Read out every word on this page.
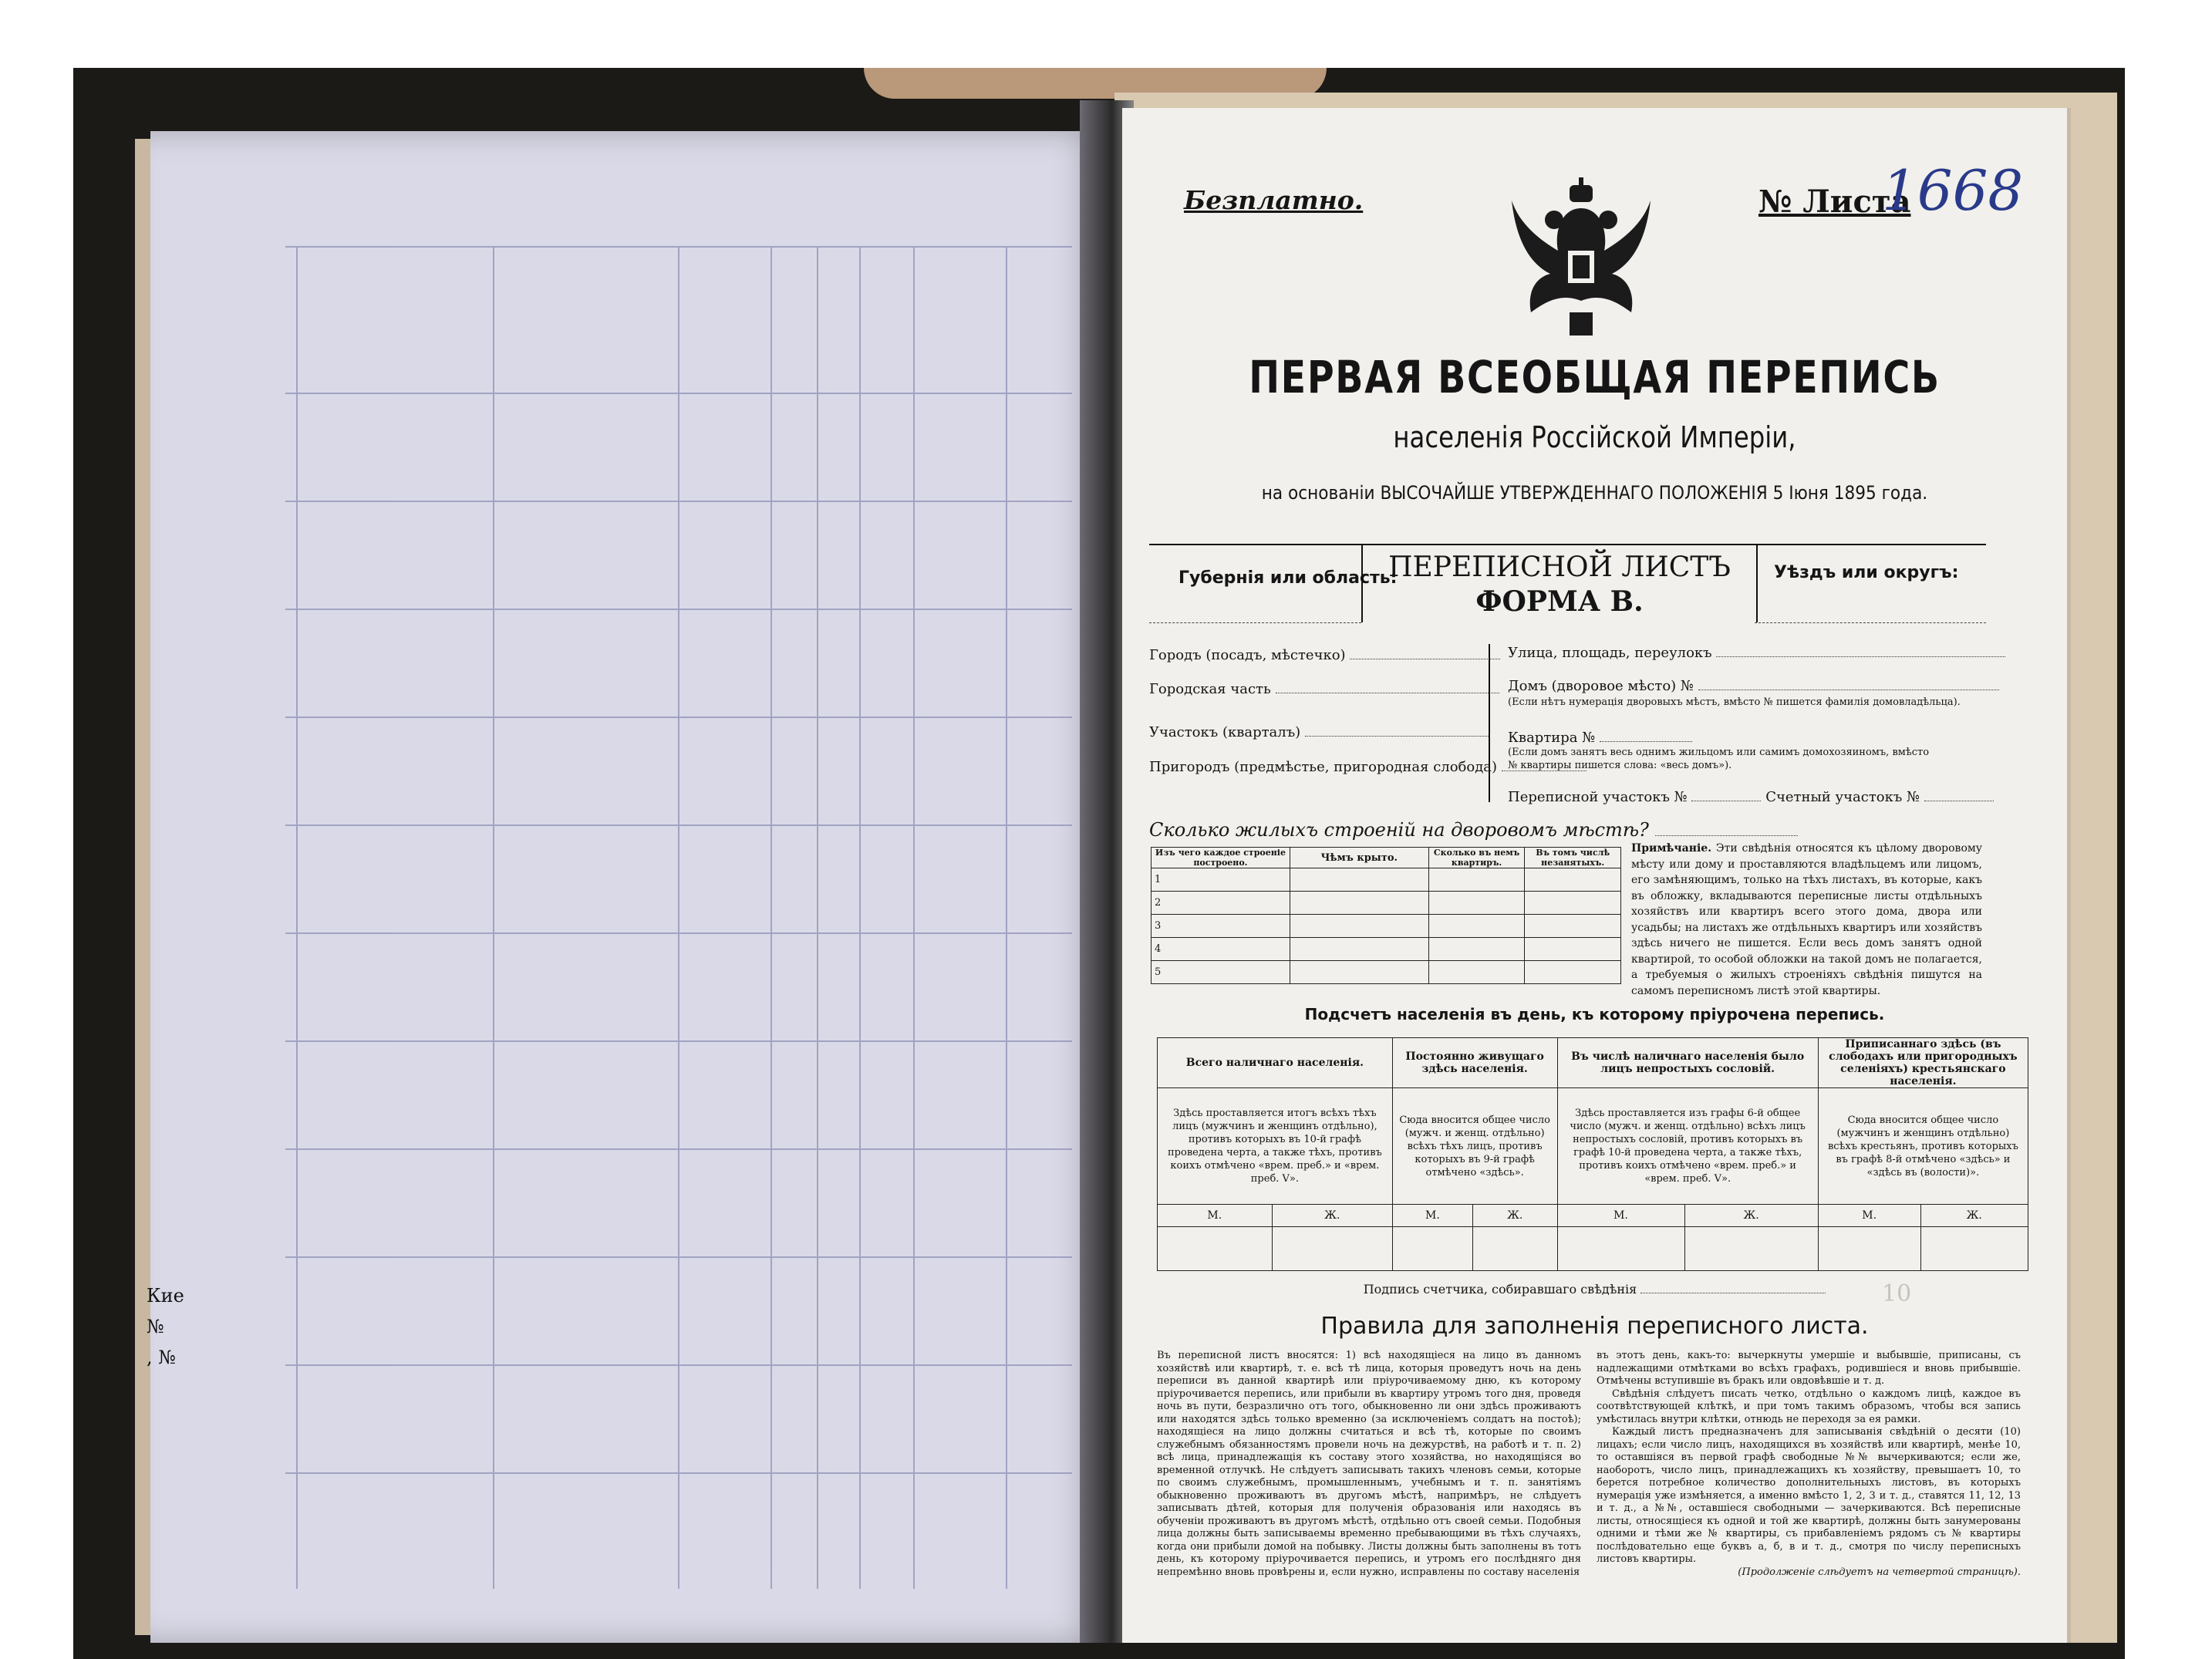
Кие
№
, №
Безплатно.	№ Листа
1668
ПЕРВАЯ ВСЕОБЩАЯ ПЕРЕПИСЬ
населенія Россійской Имперіи,
на основаніи ВЫСОЧАЙШЕ УТВЕРЖДЕННАГО ПОЛОЖЕНІЯ 5 Іюня 1895 года.
Губернія или область:
ПЕРЕПИСНОЙ ЛИСТЪ
ФОРМА В.
Уѣздъ или округъ:
Городъ (посадъ, мѣстечко)
Городская часть
Участокъ (кварталъ)
Пригородъ (предмѣстье, пригородная слобода)
Улица, площадь, переулокъ
Домъ (дворовое мѣсто) №
(Если нѣтъ нумерація дворовыхъ мѣстъ, вмѣсто № пишется фамилія домовладѣльца).
Квартира №
(Если домъ занятъ весь однимъ жильцомъ или самимъ домохозяиномъ, вмѣсто
№ квартиры пишется слова: «весь домъ»).
Переписной участокъ №	Счетный участокъ №
Сколько жилыхъ строеній на дворовомъ мѣстѣ?
Изъ чего каждое строеніе построено.	Чѣмъ крыто.	Сколько въ немъ квартиръ.	Въ томъ числѣ незанятыхъ.
1			
2			
3			
4			
5			
Примѣчаніе. Эти свѣдѣнія относятся къ цѣлому дворовому мѣсту или дому и проставляются владѣльцемъ или лицомъ, его замѣняющимъ, только на тѣхъ листахъ, въ которые, какъ въ обложку, вкладываются переписные листы отдѣльныхъ хозяйствъ или квартиръ всего этого дома, двора или усадьбы; на листахъ же отдѣльныхъ квартиръ или хозяйствъ здѣсь ничего не пишется. Если весь домъ занятъ одной квартирой, то особой обложки на такой домъ не полагается, а требуемыя о жилыхъ строеніяхъ свѣдѣнія пишутся на самомъ переписномъ листѣ этой квартиры.
Подсчетъ населенія въ день, къ которому пріурочена перепись.
Всего наличнаго населенія.		Постоянно живущаго здѣсь населенія.		Въ числѣ наличнаго населенія было лицъ непростыхъ сословій.		Приписаннаго здѣсь (въ слободахъ или пригородныхъ селеніяхъ) крестьянскаго населенія.	
Здѣсь проставляется итогъ всѣхъ тѣхъ лицъ (мужчинъ и женщинъ отдѣльно), противъ которыхъ въ 10-й графѣ проведена черта, а также тѣхъ, противъ коихъ отмѣчено «врем. преб.» и «врем. преб. V».		Сюда вносится общее число (мужч. и женщ. отдѣльно) всѣхъ тѣхъ лицъ, противъ которыхъ въ 9-й графѣ отмѣчено «здѣсь».		Здѣсь проставляется изъ графы 6-й общее число (мужч. и женщ. отдѣльно) всѣхъ лицъ непростыхъ сословій, противъ которыхъ въ графѣ 10-й проведена черта, а также тѣхъ, противъ коихъ отмѣчено «врем. преб.» и «врем. преб. V».		Сюда вносится общее число (мужчинъ и женщинъ отдѣльно) всѣхъ крестьянъ, противъ которыхъ въ графѣ 8-й отмѣчено «здѣсь» и «здѣсь въ (волости)».	
М.	Ж.	М.	Ж.	М.	Ж.	М.	Ж.

Подпись счетчика, собиравшаго свѣдѣнія	10
Правила для заполненія переписного листа.
Въ переписной листъ вносятся: 1) всѣ находящіеся на лицо въ данномъ хозяйствѣ или квартирѣ, т. е. всѣ тѣ лица, которыя проведутъ ночь на день переписи въ данной квартирѣ или пріурочиваемому дню, къ которому пріурочивается перепись, или прибыли въ квартиру утромъ того дня, проведя ночь въ пути, безразлично отъ того, обыкновенно ли они здѣсь проживаютъ или находятся здѣсь только временно (за исключеніемъ солдатъ на постоѣ); находящіеся на лицо должны считаться и всѣ тѣ, которые по своимъ служебнымъ обязанностямъ провели ночь на дежурствѣ, на работѣ и т. п. 2) всѣ лица, принадлежащія къ составу этого хозяйства, но находящіяся во временной отлучкѣ. Не слѣдуетъ записывать такихъ членовъ семьи, которые по своимъ служебнымъ, промышленнымъ, учебнымъ и т. п. занятіямъ обыкновенно проживаютъ въ другомъ мѣстѣ, напримѣръ, не слѣдуетъ записывать дѣтей, которыя для полученія образованія или находясь въ обученіи проживаютъ въ другомъ мѣстѣ, отдѣльно отъ своей семьи. Подобныя лица должны быть записываемы временно пребывающими въ тѣхъ случаяхъ, когда они прибыли домой на побывку. Листы должны быть заполнены въ тотъ день, къ которому пріурочивается перепись, и утромъ его послѣдняго дня непремѣнно вновь провѣрены и, если нужно, исправлены по составу населенія
въ этотъ день, какъ-то: вычеркнуты умершіе и выбывшіе, приписаны, съ надлежащими отмѣтками во всѣхъ графахъ, родившіеся и вновь прибывшіе. Отмѣчены вступившіе въ бракъ или овдовѣвшіе и т. д.
Свѣдѣнія слѣдуетъ писать четко, отдѣльно о каждомъ лицѣ, каждое въ соотвѣтствующей клѣткѣ, и при томъ такимъ образомъ, чтобы вся запись умѣстилась внутри клѣтки, отнюдь не переходя за ея рамки.
Каждый листъ предназначенъ для записыванія свѣдѣній о десяти (10) лицахъ; если число лицъ, находящихся въ хозяйствѣ или квартирѣ, менѣе 10, то оставшіяся въ первой графѣ свободные №№ вычеркиваются; если же, наоборотъ, число лицъ, принадлежащихъ къ хозяйству, превышаетъ 10, то берется потребное количество дополнительныхъ листовъ, въ которыхъ нумерація уже измѣняется, а именно вмѣсто 1, 2, 3 и т. д., ставятся 11, 12, 13 и т. д., а №№, оставшіеся свободными — зачеркиваются. Всѣ переписные листы, относящіеся къ одной и той же квартирѣ, должны быть занумерованы одними и тѣми же № квартиры, съ прибавленіемъ рядомъ съ № квартиры послѣдовательно еще буквъ а, б, в и т. д., смотря по числу переписныхъ листовъ квартиры.
(Продолженіе слѣдуетъ на четвертой страницѣ).
